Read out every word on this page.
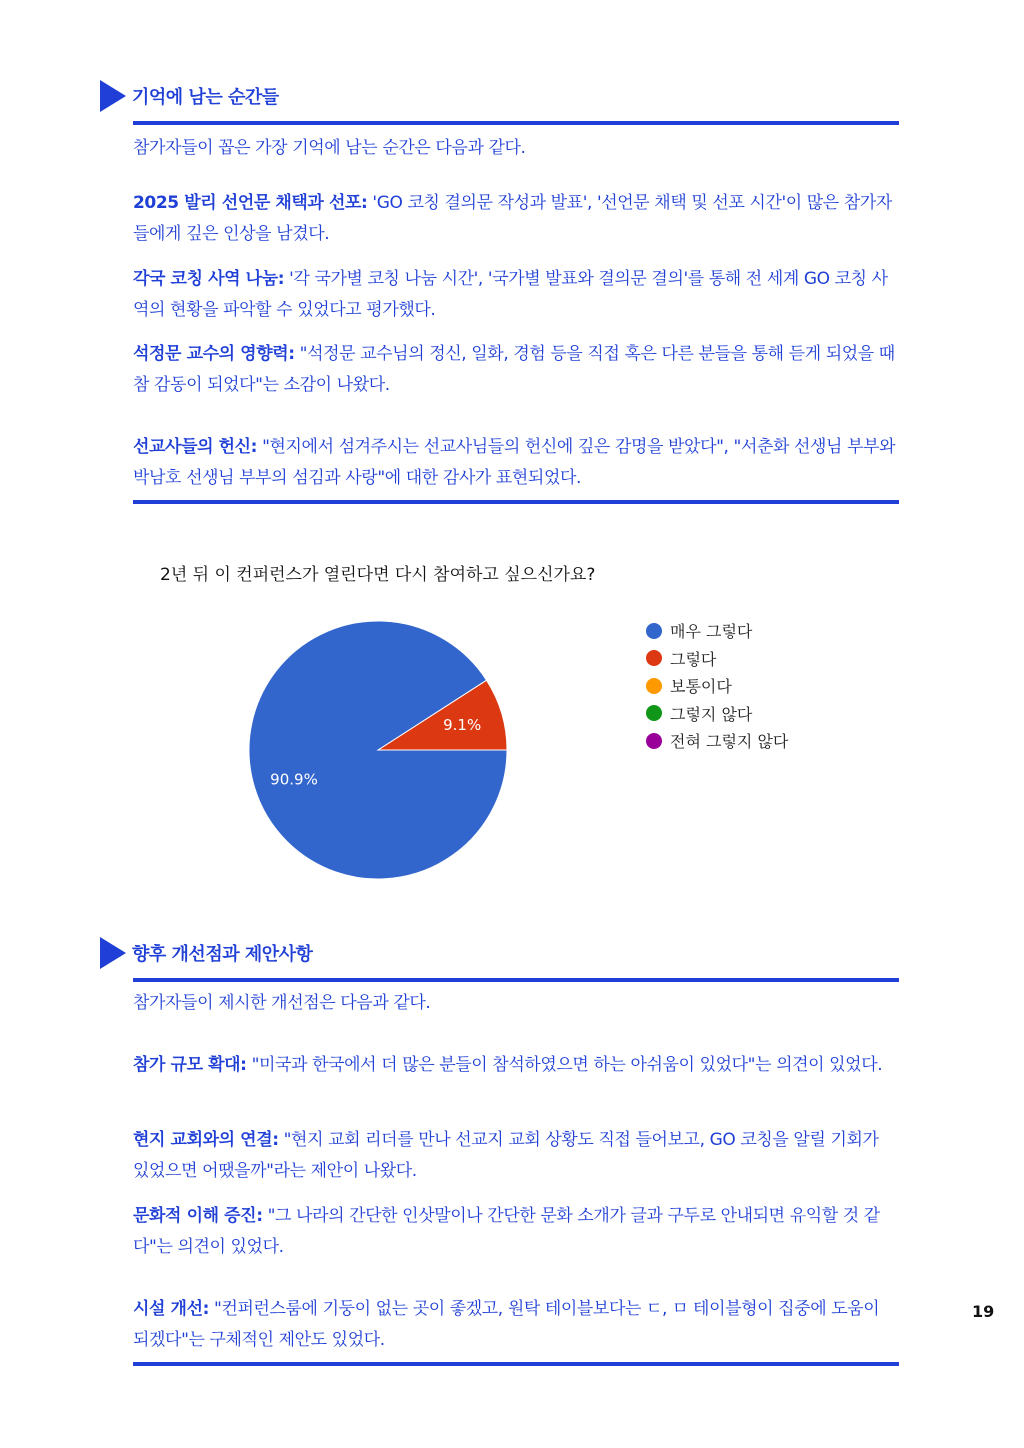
기억에 남는 순간들
참가자들이 꼽은 가장 기억에 남는 순간은 다음과 같다.
2025 발리 선언문 채택과 선포: 'GO 코칭 결의문 작성과 발표', '선언문 채택 및 선포 시간'이 많은 참가자들에게 깊은 인상을 남겼다.
각국 코칭 사역 나눔: '각 국가별 코칭 나눔 시간', '국가별 발표와 결의문 결의'를 통해 전 세계 GO 코칭 사역의 현황을 파악할 수 있었다고 평가했다.
석정문 교수의 영향력: "석정문 교수님의 정신, 일화, 경험 등을 직접 혹은 다른 분들을 통해 듣게 되었을 때 참 감동이 되었다"는 소감이 나왔다.
선교사들의 헌신: "현지에서 섬겨주시는 선교사님들의 헌신에 깊은 감명을 받았다", "서춘화 선생님 부부와 박남호 선생님 부부의 섬김과 사랑"에 대한 감사가 표현되었다.
2년 뒤 이 컨퍼런스가 열린다면 다시 참여하고 싶으신가요?
9.1%
90.9%
매우 그렇다
그렇다
보통이다
그렇지 않다
전혀 그렇지 않다
향후 개선점과 제안사항
참가자들이 제시한 개선점은 다음과 같다.
참가 규모 확대: "미국과 한국에서 더 많은 분들이 참석하였으면 하는 아쉬움이 있었다"는 의견이 있었다.
현지 교회와의 연결: "현지 교회 리더를 만나 선교지 교회 상황도 직접 들어보고, GO 코칭을 알릴 기회가 있었으면 어땠을까"라는 제안이 나왔다.
문화적 이해 증진: "그 나라의 간단한 인삿말이나 간단한 문화 소개가 글과 구두로 안내되면 유익할 것 같다"는 의견이 있었다.
시설 개선: "컨퍼런스룸에 기둥이 없는 곳이 좋겠고, 원탁 테이블보다는 ㄷ, ㅁ 테이블형이 집중에 도움이 되겠다"는 구체적인 제안도 있었다.
19
